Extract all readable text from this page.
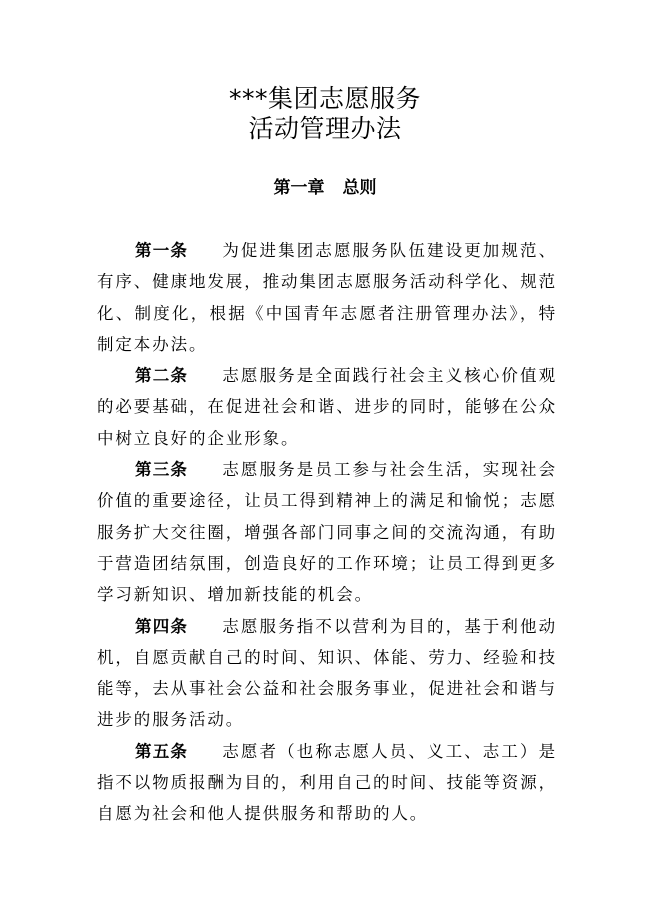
***集团志愿服务
活动管理办法
第一章 总则

第一条 为促进集团志愿服务队伍建设更加规范、有序、健康地发展，推动集团志愿服务活动科学化、规范化、制度化，根据《中国青年志愿者注册管理办法》，特制定本办法。

第二条 志愿服务是全面践行社会主义核心价值观的必要基础，在促进社会和谐、进步的同时，能够在公众中树立良好的企业形象。

第三条 志愿服务是员工参与社会生活，实现社会价值的重要途径，让员工得到精神上的满足和愉悦；志愿服务扩大交往圈，增强各部门同事之间的交流沟通，有助于营造团结氛围，创造良好的工作环境；让员工得到更多学习新知识、增加新技能的机会。

第四条 志愿服务指不以营利为目的，基于利他动机，自愿贡献自己的时间、知识、体能、劳力、经验和技能等，去从事社会公益和社会服务事业，促进社会和谐与进步的服务活动。

第五条 志愿者（也称志愿人员、义工、志工）是指不以物质报酬为目的，利用自己的时间、技能等资源，自愿为社会和他人提供服务和帮助的人。
